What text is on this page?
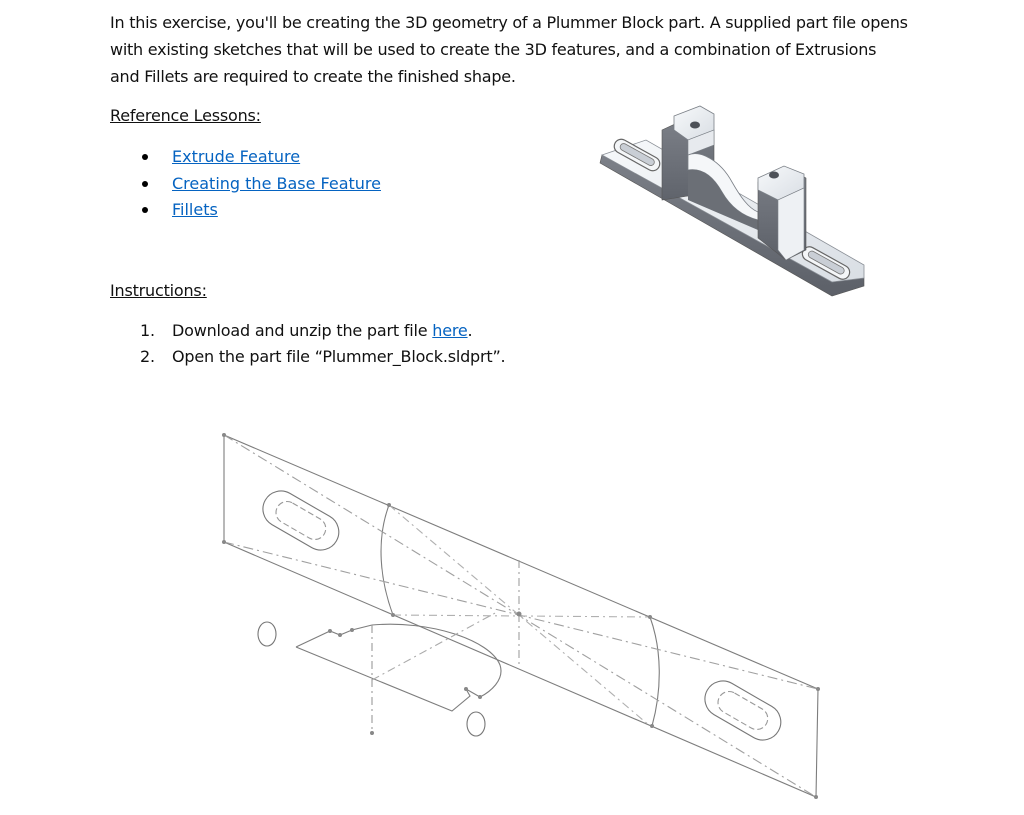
In this exercise, you'll be creating the 3D geometry of a Plummer Block part. A supplied part file opens with existing sketches that will be used to create the 3D features, and a combination of Extrusions and Fillets are required to create the finished shape.

Reference Lessons:

Extrude Feature
Creating the Base Feature
Fillets

Instructions:

1. Download and unzip the part file here.
2. Open the part file “Plummer_Block.sldprt”.
